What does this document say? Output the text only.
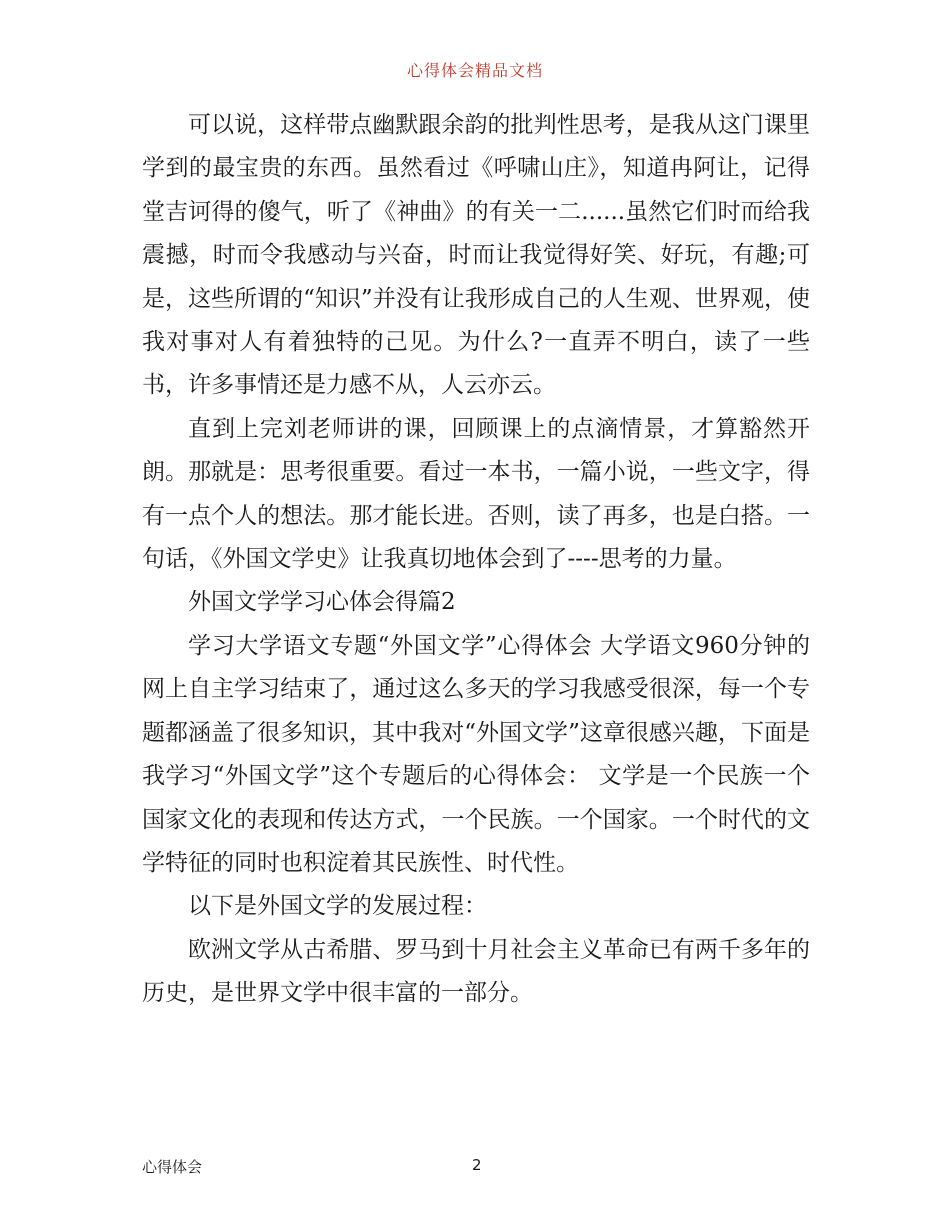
心得体会精品文档

可以说，这样带点幽默跟余韵的批判性思考，是我从这门课里学到的最宝贵的东西。虽然看过《呼啸山庄》，知道冉阿让，记得堂吉诃得的傻气，听了《神曲》的有关一二......虽然它们时而给我震撼，时而令我感动与兴奋，时而让我觉得好笑、好玩，有趣;可是，这些所谓的“知识”并没有让我形成自己的人生观、世界观，使我对事对人有着独特的己见。为什么?一直弄不明白，读了一些书，许多事情还是力感不从，人云亦云。

直到上完刘老师讲的课，回顾课上的点滴情景，才算豁然开朗。那就是：思考很重要。看过一本书，一篇小说，一些文字，得有一点个人的想法。那才能长进。否则，读了再多，也是白搭。一句话，《外国文学史》让我真切地体会到了----思考的力量。

外国文学学习心体会得篇2

学习大学语文专题“外国文学”心得体会 大学语文960分钟的网上自主学习结束了，通过这么多天的学习我感受很深，每一个专题都涵盖了很多知识，其中我对“外国文学”这章很感兴趣，下面是我学习“外国文学”这个专题后的心得体会： 文学是一个民族一个国家文化的表现和传达方式，一个民族。一个国家。一个时代的文学特征的同时也积淀着其民族性、时代性。

以下是外国文学的发展过程：

欧洲文学从古希腊、罗马到十月社会主义革命已有两千多年的历史，是世界文学中很丰富的一部分。

心得体会	2
